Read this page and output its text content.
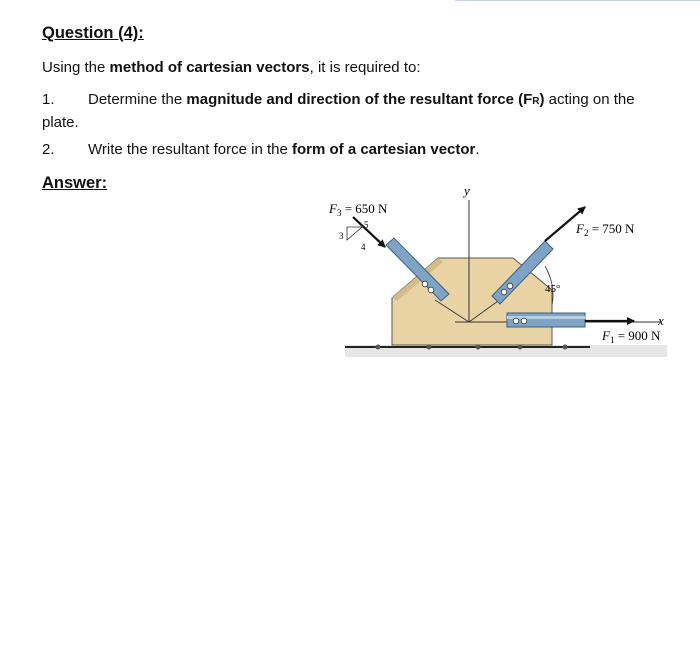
Question (4):
Using the method of cartesian vectors, it is required to:
1. Determine the magnitude and direction of the resultant force (FR) acting on the plate.
2. Write the resultant force in the form of a cartesian vector.
Answer:
3
4
5
45°
$F_3 = 650$ N
$F_2 = 750$ N
$F_1 = 900$ N
x
y
